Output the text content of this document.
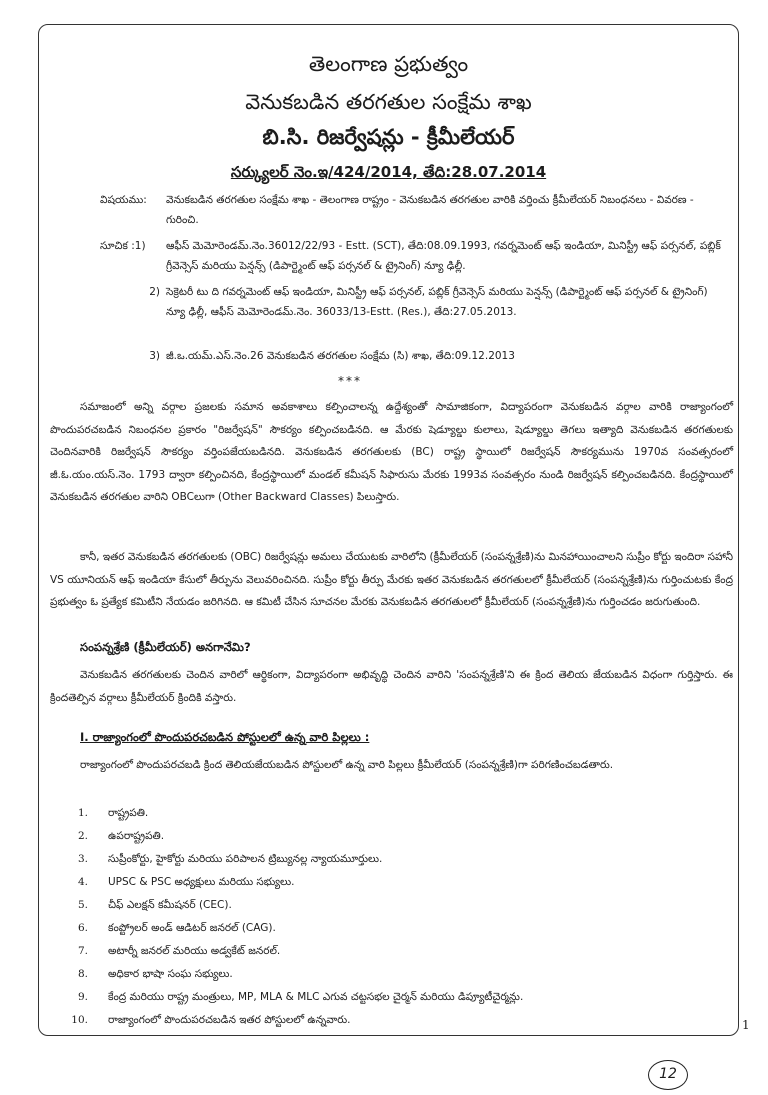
తెలంగాణ ప్రభుత్వం
వెనుకబడిన తరగతుల సంక్షేమ శాఖ
బి.సి. రిజర్వేషన్లు - క్రీమీలేయర్
సర్క్యులర్ నెం.ఇ/424/2014, తేది:28.07.2014
విషయము:	వెనుకబడిన తరగతుల సంక్షేమ శాఖ - తెలంగాణ రాష్ట్రం - వెనుకబడిన తరగతుల వారికి వర్తించు క్రీమీలేయర్ నిబంధనలు - వివరణ - గురించి.
సూచిక :1)	ఆఫీస్ మెమోరెండమ్.నెం.36012/22/93 - Estt. (SCT), తేది:08.09.1993, గవర్నమెంట్ ఆఫ్ ఇండియా, మినిస్ట్రీ ఆఫ్ పర్సనల్, పబ్లిక్ గ్రీవెన్సెస్ మరియు పెన్షన్స్ (డిపార్ట్మెంట్ ఆఫ్ పర్సనల్ & ట్రైనింగ్) న్యూ ఢిల్లీ.
2) సెక్రెటరీ టు ది గవర్నమెంట్ ఆఫ్ ఇండియా, మినిస్ట్రీ ఆఫ్ పర్సనల్, పబ్లిక్ గ్రీవెన్సెస్ మరియు పెన్షన్స్ (డిపార్ట్మెంట్ ఆఫ్ పర్సనల్ & ట్రైనింగ్) న్యూ ఢిల్లీ, ఆఫీస్ మెమోరెండమ్.నెం. 36033/13-Estt. (Res.), తేది:27.05.2013.
3) జీ.ఒ.యమ్.ఎస్.నెం.26 వెనుకబడిన తరగతుల సంక్షేమ (సి) శాఖ, తేది:09.12.2013
***

సమాజంలో అన్ని వర్గాల ప్రజలకు సమాన అవకాశాలు కల్పించాలన్న ఉద్దేశ్యంతో సామాజికంగా, విద్యాపరంగా వెనుకబడిన వర్గాల వారికి రాజ్యాంగంలో పొందుపరచబడిన నిబంధనల ప్రకారం "రిజర్వేషన్" సౌకర్యం కల్పించబడినది. ఆ మేరకు షెడ్యూల్డు కులాలు, షెడ్యూల్డు తెగలు ఇత్యాది వెనుకబడిన తరగతులకు చెందినవారికి రిజర్వేషన్ సౌకర్యం వర్తింపజేయబడినది. వెనుకబడిన తరగతులకు (BC) రాష్ట్ర స్థాయిలో రిజర్వేషన్ సౌకర్యమును 1970వ సంవత్సరంలో జీ.ఓ.యం.యస్.నెం. 1793 ద్వారా కల్పించినది, కేంద్రస్థాయిలో మండల్ కమీషన్ సిఫారుసు మేరకు 1993వ సంవత్సరం నుండి రిజర్వేషన్ కల్పించబడినది. కేంద్రస్థాయిలో వెనుకబడిన తరగతుల వారిని OBCలుగా (Other Backward Classes) పిలుస్తారు.

కానీ, ఇతర వెనుకబడిన తరగతులకు (OBC) రిజర్వేషన్లు అమలు చేయుటకు వారిలోని (క్రీమీలేయర్ (సంపన్నశ్రేణి)ను మినహాయించాలని సుప్రీం కోర్టు ఇందిరా సహానీ VS యూనియన్ ఆఫ్ ఇండియా కేసులో తీర్పును వెలువరించినది. సుప్రీం కోర్టు తీర్పు మేరకు ఇతర వెనుకబడిన తరగతులలో క్రీమీలేయర్ (సంపన్నశ్రేణి)ను గుర్తించుటకు కేంద్ర ప్రభుత్వం ఓ ప్రత్యేక కమిటీని నేయడం జరిగినది. ఆ కమిటీ చేసిన సూచనల మేరకు వెనుకబడిన తరగతులలో క్రీమీలేయర్ (సంపన్నశ్రేణి)ను గుర్తించడం జరుగుతుంది.

సంపన్నశ్రేణి (క్రీమీలేయర్) అనగానేమి?

వెనుకబడిన తరగతులకు చెందిన వారిలో ఆర్థికంగా, విద్యాపరంగా అభివృద్ధి చెందిన వారిని 'సంపన్నశ్రేణి'ని ఈ క్రింద తెలియ జేయబడిన విధంగా గుర్తిస్తారు. ఈ క్రిందతెల్పిన వర్గాలు క్రీమీలేయర్ క్రిందికి వస్తారు.

I. రాజ్యాంగంలో పొందుపరచబడిన పోస్టులలో ఉన్న వారి పిల్లలు :

రాజ్యాంగంలో పొందుపరచబడి క్రింద తెలియజేయబడిన పోస్టులలో ఉన్న వారి పిల్లలు క్రీమీలేయర్ (సంపన్నశ్రేణి)గా పరిగణించబడతారు.

1. రాష్ట్రపతి.
2. ఉపరాష్ట్రపతి.
3. సుప్రీంకోర్టు, హైకోర్టు మరియు పరిపాలన ట్రిబ్యునల్ల న్యాయమూర్తులు.
4. UPSC & PSC అధ్యక్షులు మరియు సభ్యులు.
5. చీఫ్ ఎలక్షన్ కమీషనర్ (CEC).
6. కంప్ట్రోలర్ అండ్ ఆడిటర్ జనరల్ (CAG).
7. అటార్నీ జనరల్ మరియు అడ్వకేట్ జనరల్.
8. అధికార భాషా సంఘ సభ్యులు.
9. కేంద్ర మరియు రాష్ట్ర మంత్రులు, MP, MLA & MLC ఎగువ చట్టసభల చైర్మన్ మరియు డిప్యూటీచైర్మన్లు.
10. రాజ్యాంగంలో పొందుపరచబడిన ఇతర పోస్టులలో ఉన్నవారు.	1
12
